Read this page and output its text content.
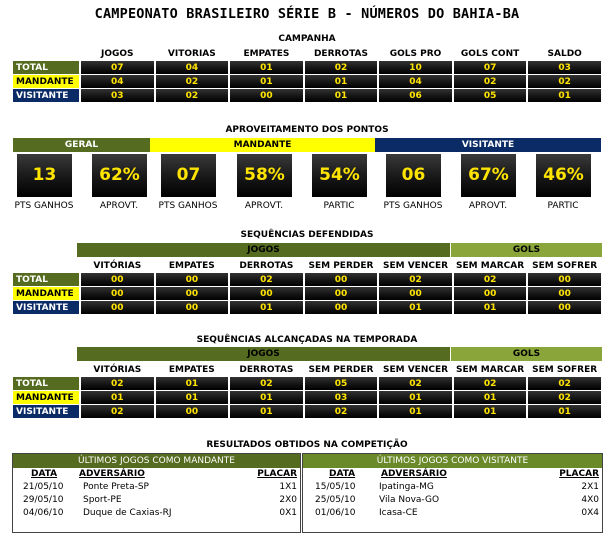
CAMPEONATO BRASILEIRO SÉRIE B - NÚMEROS DO BAHIA-BA
CAMPANHA
	JOGOS	VITORIAS	EMPATES	DERROTAS	GOLS PRO	GOLS CONT	SALDO
TOTAL	07	04	01	02	10	07	03
MANDANTE	04	02	01	01	04	02	02
VISITANTE	03	02	00	01	06	05	01
APROVEITAMENTO DOS PONTOS
GERAL	MANDANTE	VISITANTE
13	62%	07	58%	54%	06	67%	46%
PTS GANHOS	APROVT.	PTS GANHOS	APROVT.	PARTIC	PTS GANHOS	APROVT.	PARTIC
SEQUÊNCIAS DEFENDIDAS
JOGOS	GOLS
	VITÓRIAS	EMPATES	DERROTAS	SEM PERDER	SEM VENCER	SEM MARCAR	SEM SOFRER
TOTAL	00	00	02	00	02	02	00
MANDANTE	00	00	00	00	00	00	00
VISITANTE	00	00	01	00	01	01	00
SEQUÊNCIAS ALCANÇADAS NA TEMPORADA
JOGOS	GOLS
	VITÓRIAS	EMPATES	DERROTAS	SEM PERDER	SEM VENCER	SEM MARCAR	SEM SOFRER
TOTAL	02	01	02	05	02	02	02
MANDANTE	01	01	01	03	01	01	02
VISITANTE	02	00	01	02	01	01	01
RESULTADOS OBTIDOS NA COMPETIÇÃO
ÚLTIMOS JOGOS COMO MANDANTE
DATA ADVERSÁRIO	PLACAR
21/05/10 Ponte Preta-SP	1X1
29/05/10 Sport-PE	2X0
04/06/10 Duque de Caxias-RJ	0X1
ÚLTIMOS JOGOS COMO VISITANTE
DATA	ADVERSÁRIO	PLACAR
15/05/10	Ipatinga-MG	2X1
25/05/10	Vila Nova-GO	4X0
01/06/10	Icasa-CE	0X4
